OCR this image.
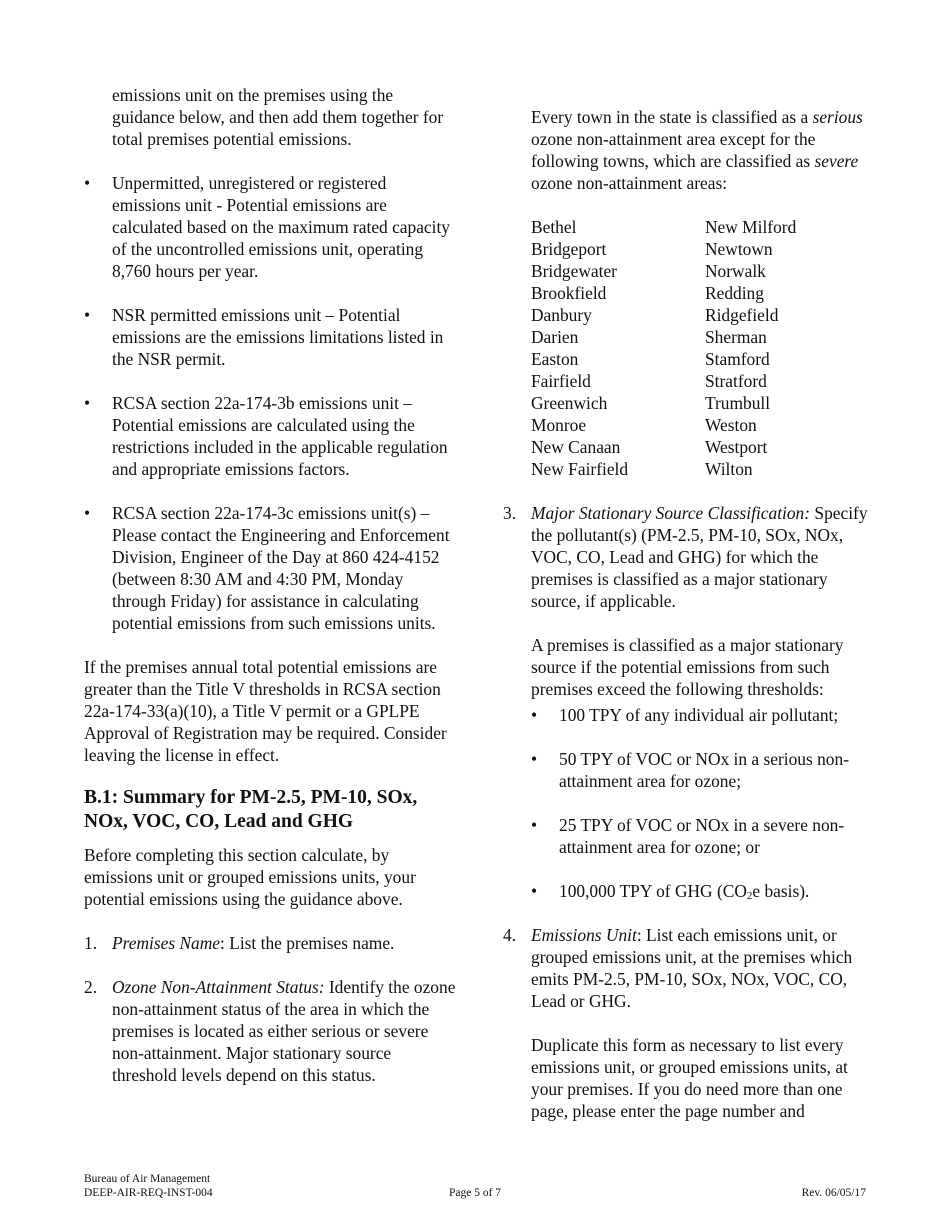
emissions unit on the premises using the guidance below, and then add them together for total premises potential emissions.

•	Unpermitted, unregistered or registered emissions unit - Potential emissions are calculated based on the maximum rated capacity of the uncontrolled emissions unit, operating 8,760 hours per year.

•	NSR permitted emissions unit – Potential emissions are the emissions limitations listed in the NSR permit.

•	RCSA section 22a-174-3b emissions unit – Potential emissions are calculated using the restrictions included in the applicable regulation and appropriate emissions factors.

•	RCSA section 22a-174-3c emissions unit(s) – Please contact the Engineering and Enforcement Division, Engineer of the Day at 860 424-4152 (between 8:30 AM and 4:30 PM, Monday through Friday) for assistance in calculating potential emissions from such emissions units.

If the premises annual total potential emissions are greater than the Title V thresholds in RCSA section 22a-174-33(a)(10), a Title V permit or a GPLPE Approval of Registration may be required. Consider leaving the license in effect.

B.1: Summary for PM-2.5, PM-10, SOx, NOx, VOC, CO, Lead and GHG

Before completing this section calculate, by emissions unit or grouped emissions units, your potential emissions using the guidance above.

1. Premises Name: List the premises name.

2. Ozone Non-Attainment Status: Identify the ozone non-attainment status of the area in which the premises is located as either serious or severe non-attainment. Major stationary source threshold levels depend on this status.

Every town in the state is classified as a serious ozone non-attainment area except for the following towns, which are classified as severe ozone non-attainment areas:

Bethel	New Milford
Bridgeport	Newtown
Bridgewater	Norwalk
Brookfield	Redding
Danbury	Ridgefield
Darien	Sherman
Easton	Stamford
Fairfield	Stratford
Greenwich	Trumbull
Monroe	Weston
New Canaan	Westport
New Fairfield	Wilton
3. Major Stationary Source Classification: Specify the pollutant(s) (PM-2.5, PM-10, SOx, NOx, VOC, CO, Lead and GHG) for which the premises is classified as a major stationary source, if applicable.

A premises is classified as a major stationary source if the potential emissions from such premises exceed the following thresholds:

• 100 TPY of any individual air pollutant;

• 50 TPY of VOC or NOx in a serious non-attainment area for ozone;

• 25 TPY of VOC or NOx in a severe non-attainment area for ozone; or

• 100,000 TPY of GHG ($CO_2e$ basis).

4. Emissions Unit: List each emissions unit, or grouped emissions unit, at the premises which emits PM-2.5, PM-10, SOx, NOx, VOC, CO, Lead or GHG.

Duplicate this form as necessary to list every emissions unit, or grouped emissions units, at your premises. If you do need more than one page, please enter the page number and

Bureau of Air Management
DEEP-AIR-REQ-INST-004	Page 5 of 7	Rev. 06/05/17
